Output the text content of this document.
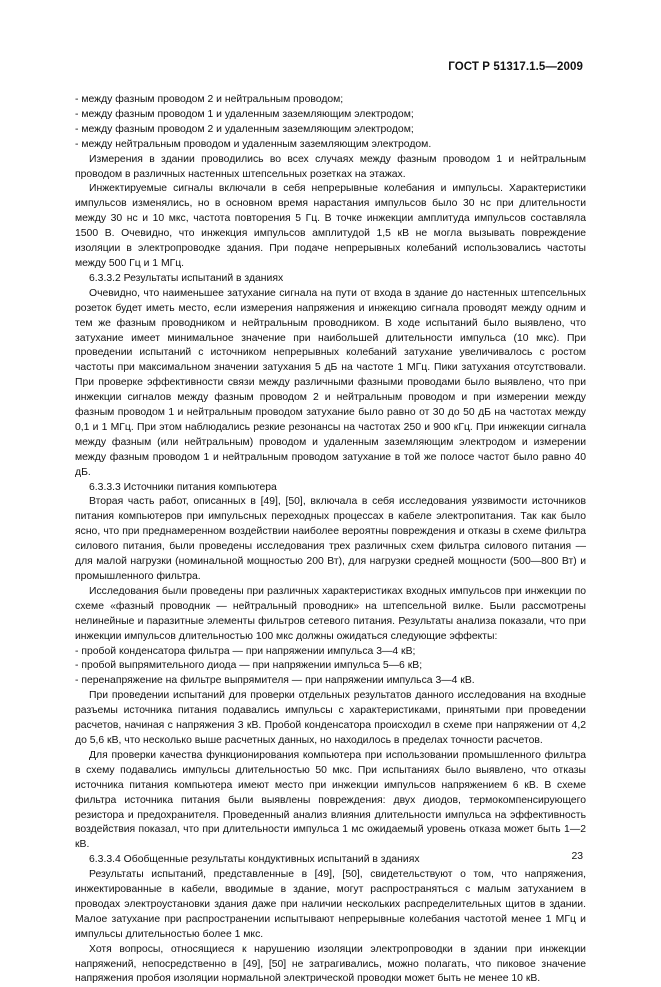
ГОСТ Р 51317.1.5—2009

- между фазным проводом 2 и нейтральным проводом;

- между фазным проводом 1 и удаленным заземляющим электродом;

- между фазным проводом 2 и удаленным заземляющим электродом;

- между нейтральным проводом и удаленным заземляющим электродом.

Измерения в здании проводились во всех случаях между фазным проводом 1 и нейтральным проводом в различных настенных штепсельных розетках на этажах.

Инжектируемые сигналы включали в себя непрерывные колебания и импульсы. Характеристики импульсов изменялись, но в основном время нарастания импульсов было 30 нс при длительности между 30 нс и 10 мкс, частота повторения 5 Гц. В точке инжекции амплитуда импульсов составляла 1500 В. Очевидно, что инжекция импульсов амплитудой 1,5 кВ не могла вызывать повреждение изоляции в электропроводке здания. При подаче непрерывных колебаний использовались частоты между 500 Гц и 1 МГц.

6.3.3.2 Результаты испытаний в зданиях

Очевидно, что наименьшее затухание сигнала на пути от входа в здание до настенных штепсельных розеток будет иметь место, если измерения напряжения и инжекцию сигнала проводят между одним и тем же фазным проводником и нейтральным проводником. В ходе испытаний было выявлено, что затухание имеет минимальное значение при наибольшей длительности импульса (10 мкс). При проведении испытаний с источником непрерывных колебаний затухание увеличивалось с ростом частоты при максимальном значении затухания 5 дБ на частоте 1 МГц. Пики затухания отсутствовали. При проверке эффективности связи между различными фазными проводами было выявлено, что при инжекции сигналов между фазным проводом 2 и нейтральным проводом и при измерении между фазным проводом 1 и нейтральным проводом затухание было равно от 30 до 50 дБ на частотах между 0,1 и 1 МГц. При этом наблюдались резкие резонансы на частотах 250 и 900 кГц. При инжекции сигнала между фазным (или нейтральным) проводом и удаленным заземляющим электродом и измерении между фазным проводом 1 и нейтральным проводом затухание в той же полосе частот было равно 40 дБ.

6.3.3.3 Источники питания компьютера

Вторая часть работ, описанных в [49], [50], включала в себя исследования уязвимости источников питания компьютеров при импульсных переходных процессах в кабеле электропитания. Так как было ясно, что при преднамеренном воздействии наиболее вероятны повреждения и отказы в схеме фильтра силового питания, были проведены исследования трех различных схем фильтра силового питания — для малой нагрузки (номинальной мощностью 200 Вт), для нагрузки средней мощности (500—800 Вт) и промышленного фильтра.

Исследования были проведены при различных характеристиках входных импульсов при инжекции по схеме «фазный проводник — нейтральный проводник» на штепсельной вилке. Были рассмотрены нелинейные и паразитные элементы фильтров сетевого питания. Результаты анализа показали, что при инжекции импульсов длительностью 100 мкс должны ожидаться следующие эффекты:

- пробой конденсатора фильтра — при напряжении импульса 3—4 кВ;

- пробой выпрямительного диода — при напряжении импульса 5—6 кВ;

- перенапряжение на фильтре выпрямителя — при напряжении импульса 3—4 кВ.

При проведении испытаний для проверки отдельных результатов данного исследования на входные разъемы источника питания подавались импульсы с характеристиками, принятыми при проведении расчетов, начиная с напряжения 3 кВ. Пробой конденсатора происходил в схеме при напряжении от 4,2 до 5,6 кВ, что несколько выше расчетных данных, но находилось в пределах точности расчетов.

Для проверки качества функционирования компьютера при использовании промышленного фильтра в схему подавались импульсы длительностью 50 мкс. При испытаниях было выявлено, что отказы источника питания компьютера имеют место при инжекции импульсов напряжением 6 кВ. В схеме фильтра источника питания были выявлены повреждения: двух диодов, термокомпенсирующего резистора и предохранителя. Проведенный анализ влияния длительности импульса на эффективность воздействия показал, что при длительности импульса 1 мс ожидаемый уровень отказа может быть 1—2 кВ.

6.3.3.4 Обобщенные результаты кондуктивных испытаний в зданиях

Результаты испытаний, представленные в [49], [50], свидетельствуют о том, что напряжения, инжектированные в кабели, вводимые в здание, могут распространяться с малым затуханием в проводах электроустановки здания даже при наличии нескольких распределительных щитов в здании. Малое затухание при распространении испытывают непрерывные колебания частотой менее 1 МГц и импульсы длительностью более 1 мкс.

Хотя вопросы, относящиеся к нарушению изоляции электропроводки в здании при инжекции напряжений, непосредственно в [49], [50] не затрагивались, можно полагать, что пиковое значение напряжения пробоя изоляции нормальной электрической проводки может быть не менее 10 кВ.

23
